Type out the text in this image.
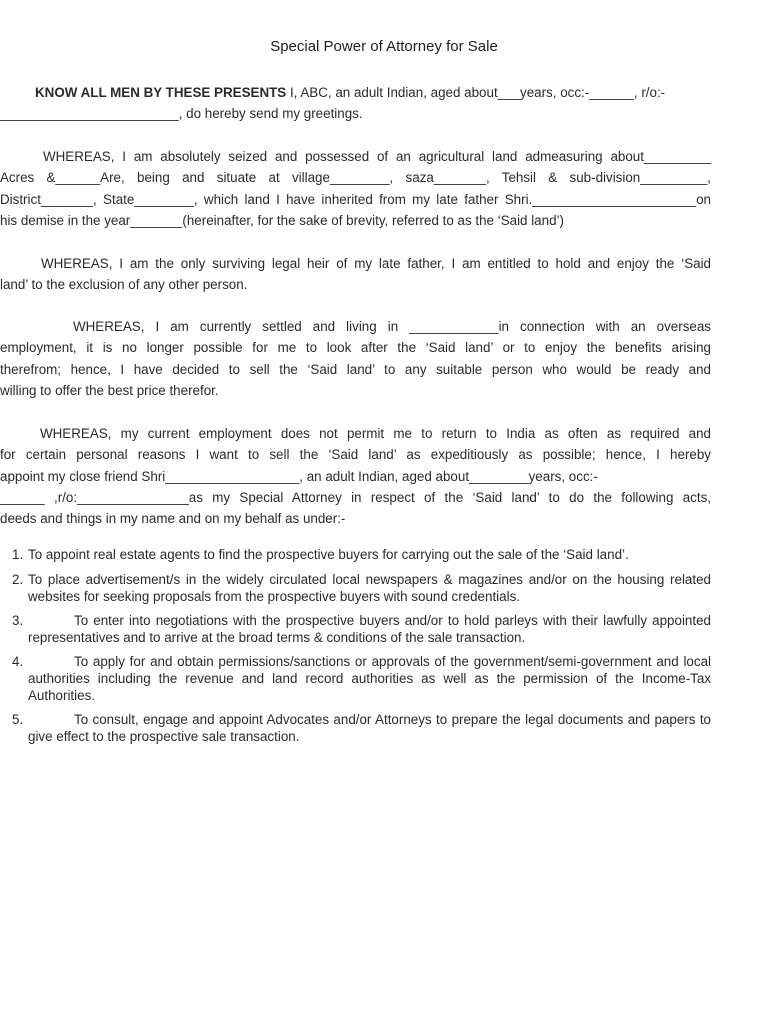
Special Power of Attorney for Sale
KNOW ALL MEN BY THESE PRESENTS I, ABC, an adult Indian, aged about___years, occ:-______, r/o:-
________________________, do hereby send my greetings.
WHEREAS, I am absolutely seized and possessed of an agricultural land admeasuring about_________
Acres &______Are, being and situate at village________, saza_______, Tehsil & sub-division_________,
District_______, State________, which land I have inherited from my late father Shri.______________________on
his demise in the year_______(hereinafter, for the sake of brevity, referred to as the ‘Said land’)
WHEREAS, I am the only surviving legal heir of my late father, I am entitled to hold and enjoy the ‘Said
land’ to the exclusion of any other person.
WHEREAS, I am currently settled and living in ____________in connection with an overseas
employment, it is no longer possible for me to look after the ‘Said land’ or to enjoy the benefits arising
therefrom; hence, I have decided to sell the ‘Said land’ to any suitable person who would be ready and
willing to offer the best price therefor.
WHEREAS, my current employment does not permit me to return to India as often as required and
for certain personal reasons I want to sell the ‘Said land’ as expeditiously as possible; hence, I hereby
appoint my close friend Shri__________________, an adult Indian, aged about________years, occ:-
______ ,r/o:_______________as my Special Attorney in respect of the ‘Said land’ to do the following acts,
deeds and things in my name and on my behalf as under:-
1. To appoint real estate agents to find the prospective buyers for carrying out the sale of the ‘Said land’.
2. To place advertisement/s in the widely circulated local newspapers & magazines and/or on the housing related websites for seeking proposals from the prospective buyers with sound credentials.
3.	To enter into negotiations with the prospective buyers and/or to hold parleys with their lawfully appointed representatives and to arrive at the broad terms & conditions of the sale transaction.
4.	To apply for and obtain permissions/sanctions or approvals of the government/semi-government and local authorities including the revenue and land record authorities as well as the permission of the Income-Tax Authorities.
5.	To consult, engage and appoint Advocates and/or Attorneys to prepare the legal documents and papers to give effect to the prospective sale transaction.
